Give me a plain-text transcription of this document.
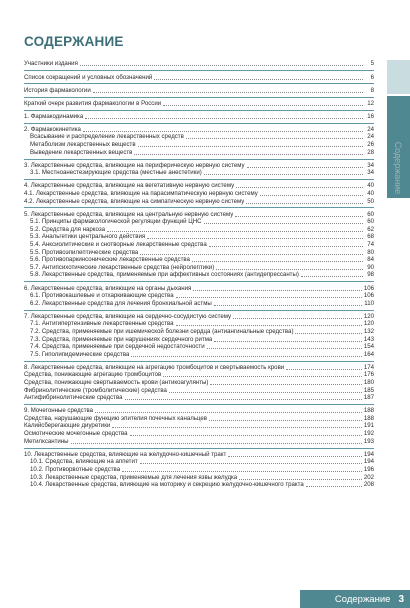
СОДЕРЖАНИЕ
Содержание
Участники издания	5
Список сокращений и условных обозначений	6
История фармакологии	8
Краткий очерк развития фармакологии в России	12
1. Фармакодинамика	16
2. Фармакокинетика	24
Всасывание и распределение лекарственных средств	24
Метаболизм лекарственных веществ	26
Выведение лекарственных веществ	28
3. Лекарственные средства, влияющие на периферическую нервную систему	34
3.1. Местноанестезирующие средства (местные анестетики)	34
4. Лекарственные средства, влияющие на вегетативную нервную систему	40
4.1. Лекарственные средства, влияющие на парасимпатическую нервную систему	40
4.2. Лекарственные средства, влияющие на симпатическую нервную систему	50
5. Лекарственные средства, влияющие на центральную нервную систему	60
5.1. Принципы фармакологической регуляции функций ЦНС	60
5.2. Средства для наркоза	62
5.3. Анальгетики центрального действия	68
5.4. Анксиолитические и снотворные лекарственные средства	74
5.5. Противоэпилептические средства	80
5.6. Противопаркинсонические лекарственные средства	84
5.7. Антипсихотические лекарственные средства (нейролептики)	90
5.8. Лекарственные средства, применяемые при аффективных состояниях (антидепрессанты)	98
6. Лекарственные средства, влияющие на органы дыхания	106
6.1. Противокашлевые и отхаркивающие средства	106
6.2. Лекарственные средства для лечения бронхиальной астмы	110
7. Лекарственные средства, влияющие на сердечно-сосудистую систему	120
7.1. Антигипертензивные лекарственные средства	120
7.2. Средства, применяемые при ишемической болезни сердца (антиангинальные средства)	132
7.3. Средства, применяемые при нарушениях сердечного ритма	143
7.4. Средства, применяемые при сердечной недостаточности	154
7.5. Гиполипидемические средства	164
8. Лекарственные средства, влияющие на агрегацию тромбоцитов и свертываемость крови	174
Средства, понижающие агрегацию тромбоцитов	176
Средства, понижающие свертываемость крови (антикоагулянты)	180
Фибринолитические (тромболитические) средства	185
Антифибринолитические средства	187
9. Мочегонные средства	188
Средства, нарушающие функцию эпителия почечных канальцев	188
Калийсберегающие диуретики	191
Осмотические мочегонные средства	192
Метилксантины	193
10. Лекарственные средства, влияющие на желудочно-кишечный тракт	194
10.1. Средства, влияющие на аппетит	194
10.2. Противорвотные средства	196
10.3. Лекарственные средства, применяемые для лечения язвы желудка	202
10.4. Лекарственные средства, влияющие на моторику и секрецию желудочно-кишечного тракта	208
Содержание 3
